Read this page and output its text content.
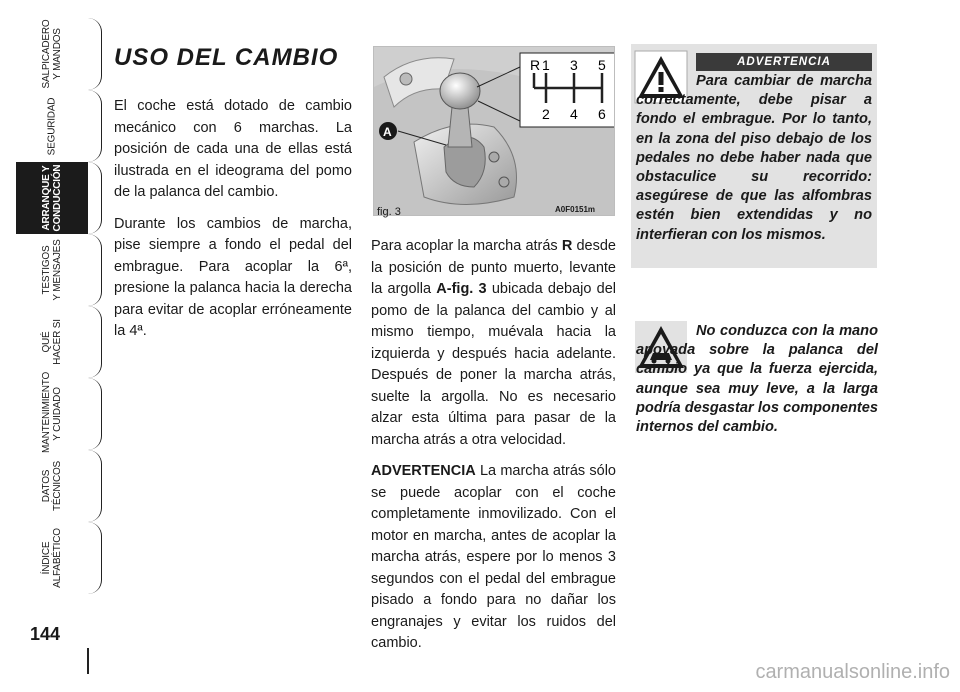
SALPICADERO
Y MANDOS
SEGURIDAD
ARRANQUE Y
CONDUCCIÓN
TESTIGOS
Y MENSAJES
QUÉ
HACER SI
MANTENIMIENTO
Y CUIDADO
DATOS
TÉCNICOS
ÍNDICE
ALFABÉTICO
144
USO DEL CAMBIO

El coche está dotado de cambio mecánico con 6 marchas. La posición de cada una de ellas está ilustrada en el ideograma del pomo de la palanca del cambio.

Durante los cambios de marcha, pise siempre a fondo el pedal del embrague. Para acoplar la 6ª, presione la palanca hacia la derecha para evitar de acoplar erróneamente la 4ª.

R 1 3 5
2 4 6
A
fig. 3	A0F0151m

Para acoplar la marcha atrás R desde la posición de punto muerto, levante la argolla A-fig. 3 ubicada debajo del pomo de la palanca del cambio y al mismo tiempo, muévala hacia la izquierda y después hacia adelante. Después de poner la marcha atrás, suelte la argolla. No es necesario alzar esta última para pasar de la marcha atrás a otra velocidad.

ADVERTENCIA La marcha atrás sólo se puede acoplar con el coche completamente inmovilizado. Con el motor en marcha, antes de acoplar la marcha atrás, espere por lo menos 3 segundos con el pedal del embrague pisado a fondo para no dañar los engranajes y evitar los ruidos del cambio.

ADVERTENCIA
Para cambiar de marcha correctamente, debe pisar a fondo el embrague. Por lo tanto, en la zona del piso debajo de los pedales no debe haber nada que obstaculice su recorrido: asegúrese de que las alfombras estén bien extendidas y no interfieran con los mismos.
No conduzca con la mano apoyada sobre la palanca del cambio ya que la fuerza ejercida, aunque sea muy leve, a la larga podría desgastar los componentes internos del cambio.
carmanualsonline.info
